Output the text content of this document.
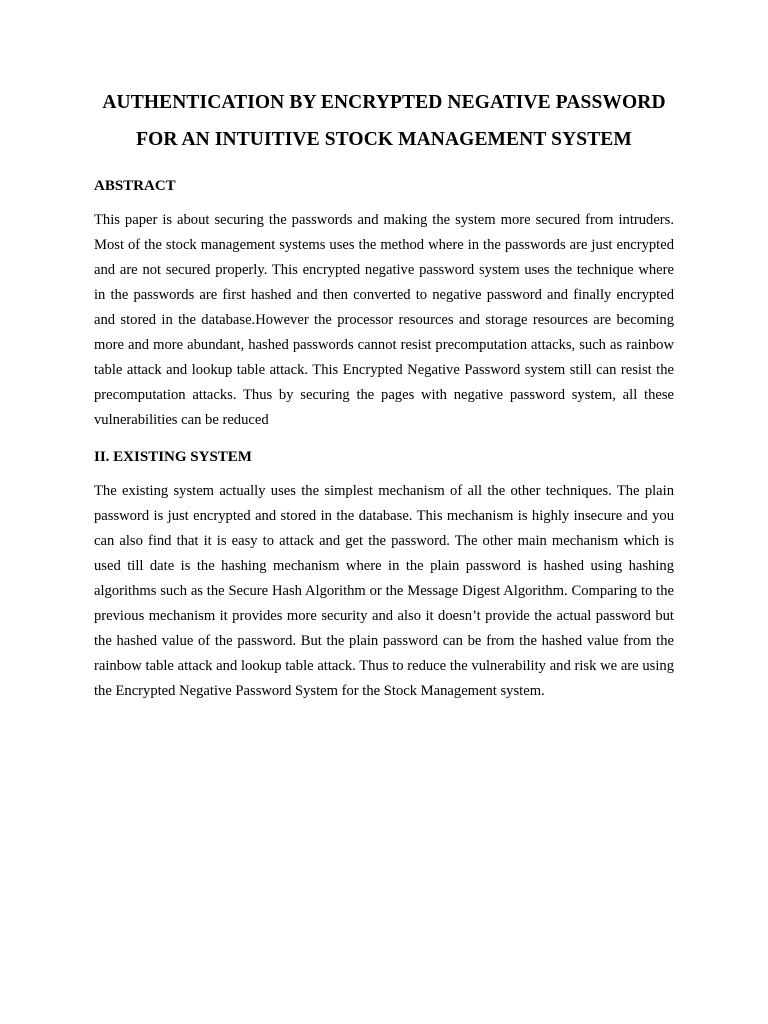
AUTHENTICATION BY ENCRYPTED NEGATIVE PASSWORD FOR AN INTUITIVE STOCK MANAGEMENT SYSTEM
ABSTRACT

This paper is about securing the passwords and making the system more secured from intruders. Most of the stock management systems uses the method where in the passwords are just encrypted and are not secured properly. This encrypted negative password system uses the technique where in the passwords are first hashed and then converted to negative password and finally encrypted and stored in the database.However the processor resources and storage resources are becoming more and more abundant, hashed passwords cannot resist precomputation attacks, such as rainbow table attack and lookup table attack. This Encrypted Negative Password system still can resist the precomputation attacks. Thus by securing the pages with negative password system, all these vulnerabilities can be reduced

II. EXISTING SYSTEM

The existing system actually uses the simplest mechanism of all the other techniques. The plain password is just encrypted and stored in the database. This mechanism is highly insecure and you can also find that it is easy to attack and get the password. The other main mechanism which is used till date is the hashing mechanism where in the plain password is hashed using hashing algorithms such as the Secure Hash Algorithm or the Message Digest Algorithm. Comparing to the previous mechanism it provides more security and also it doesn’t provide the actual password but the hashed value of the password. But the plain password can be from the hashed value from the rainbow table attack and lookup table attack. Thus to reduce the vulnerability and risk we are using the Encrypted Negative Password System for the Stock Management system.
